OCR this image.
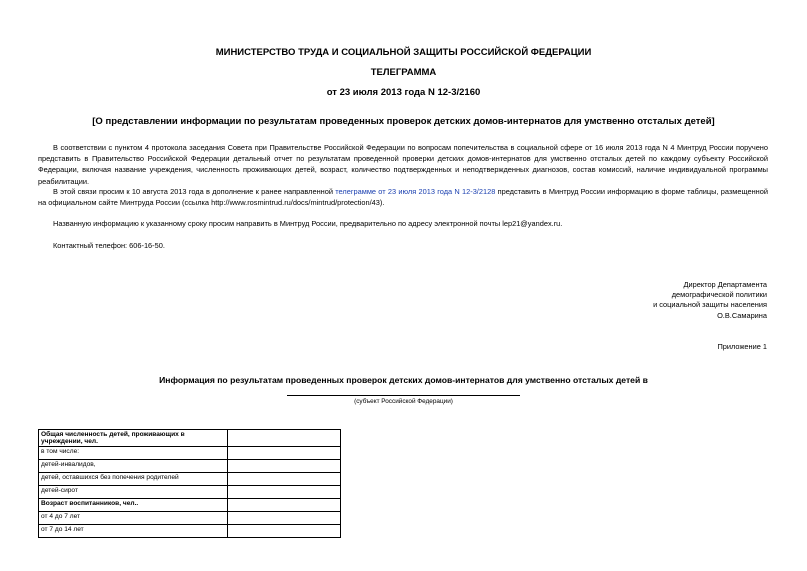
МИНИСТЕРСТВО ТРУДА И СОЦИАЛЬНОЙ ЗАЩИТЫ РОССИЙСКОЙ ФЕДЕРАЦИИ
ТЕЛЕГРАММА
от 23 июля 2013 года N 12-3/2160
[О представлении информации по результатам проведенных проверок детских домов-интернатов для умственно отсталых детей]
В соответствии с пунктом 4 протокола заседания Совета при Правительстве Российской Федерации по вопросам попечительства в социальной сфере от 16 июля 2013 года N 4 Минтруд России поручено представить в Правительство Российской Федерации детальный отчет по результатам проведенной проверки детских домов-интернатов для умственно отсталых детей по каждому субъекту Российской Федерации, включая название учреждения, численность проживающих детей, возраст, количество подтвержденных и неподтвержденных диагнозов, состав комиссий, наличие индивидуальной программы реабилитации.
В этой связи просим к 10 августа 2013 года в дополнение к ранее направленной телеграмме от 23 июля 2013 года N 12-3/2128 представить в Минтруд России информацию в форме таблицы, размещенной на официальном сайте Минтруда России (ссылка http://www.rosmintrud.ru/docs/mintrud/protection/43).
Названную информацию к указанному сроку просим направить в Минтруд России, предварительно по адресу электронной почты lep21@yandex.ru.
Контактный телефон: 606-16-50.
Директор Департамента
демографической политики
и социальной защиты населения
О.В.Самарина
Приложение 1
Информация по результатам проведенных проверок детских домов-интернатов для умственно отсталых детей в
(субъект Российской Федерации)
Общая численность детей, проживающих в учреждении, чел.	
в том числе:	
детей-инвалидов,	
детей, оставшихся без попечения родителей	
детей-сирот	
Возраст воспитанников, чел..	
от 4 до 7 лет	
от 7 до 14 лет	
